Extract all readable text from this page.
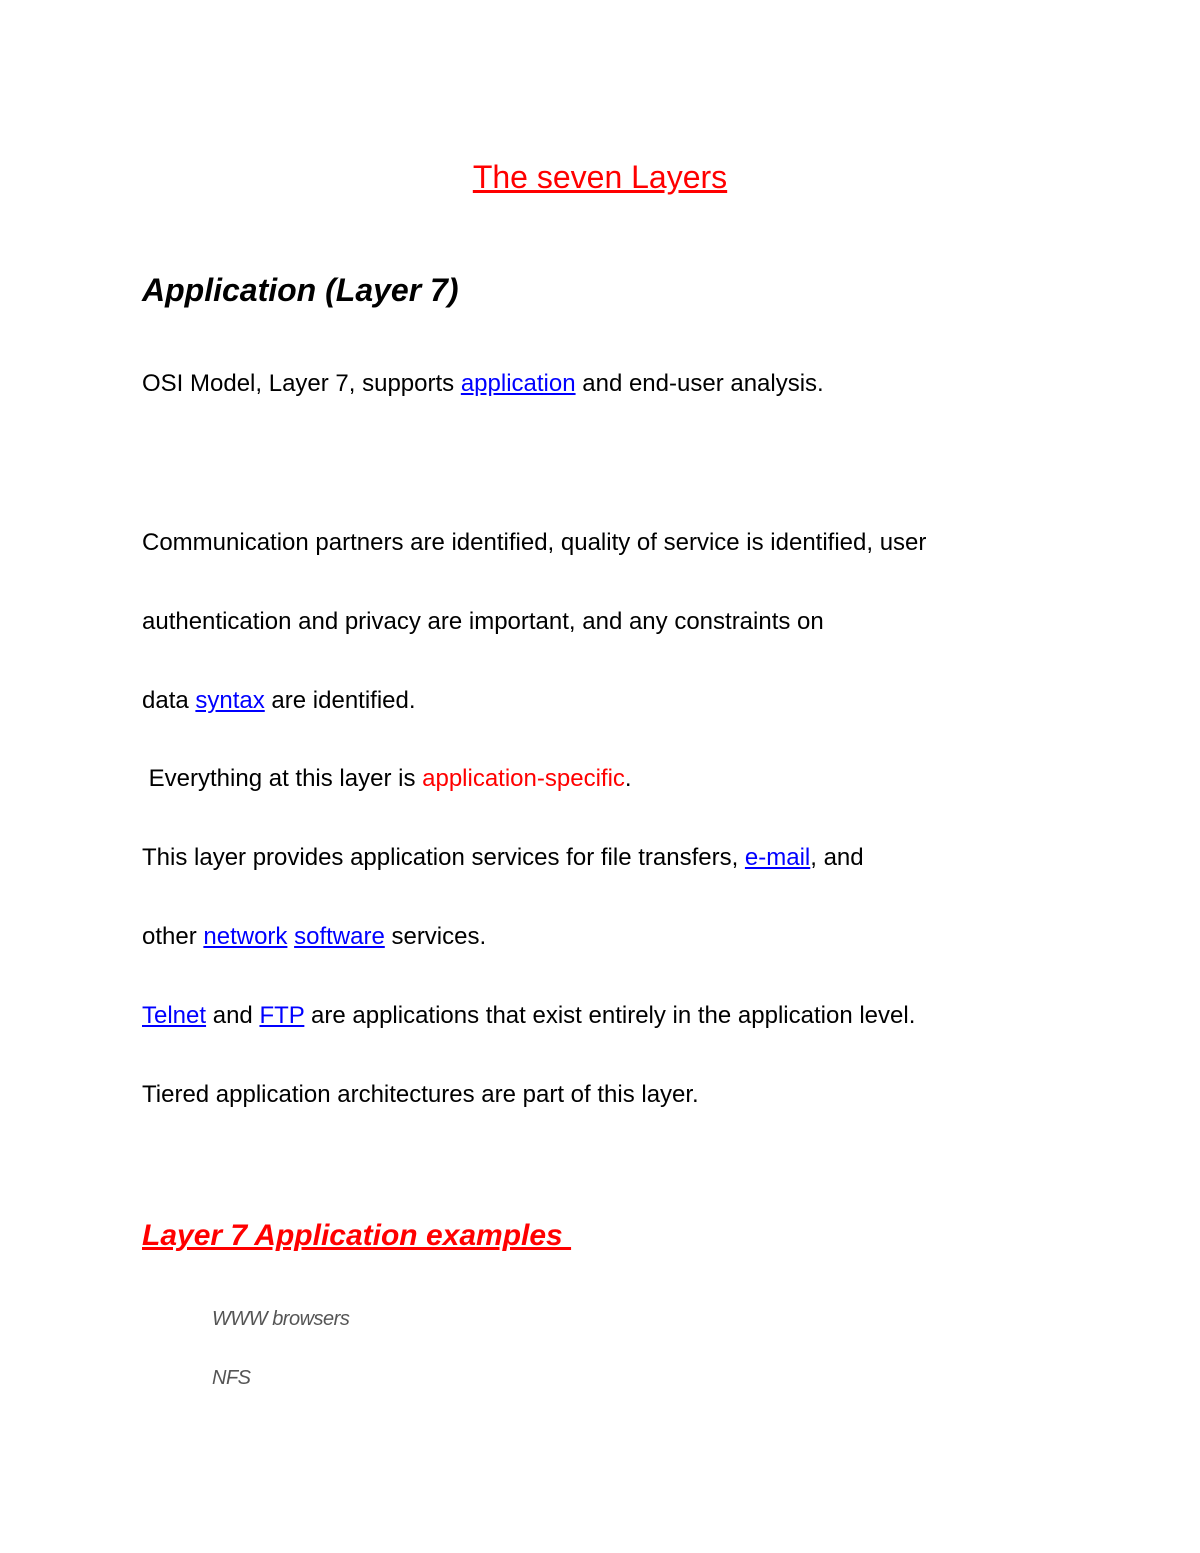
The seven Layers
Application (Layer 7)
OSI Model, Layer 7, supports application and end-user analysis.
Communication partners are identified, quality of service is identified, user
authentication and privacy are important, and any constraints on
data syntax are identified.
Everything at this layer is application-specific.
This layer provides application services for file transfers, e-mail, and
other network software services.
Telnet and FTP are applications that exist entirely in the application level.
Tiered application architectures are part of this layer.
Layer 7 Application examples
WWW browsers
NFS
